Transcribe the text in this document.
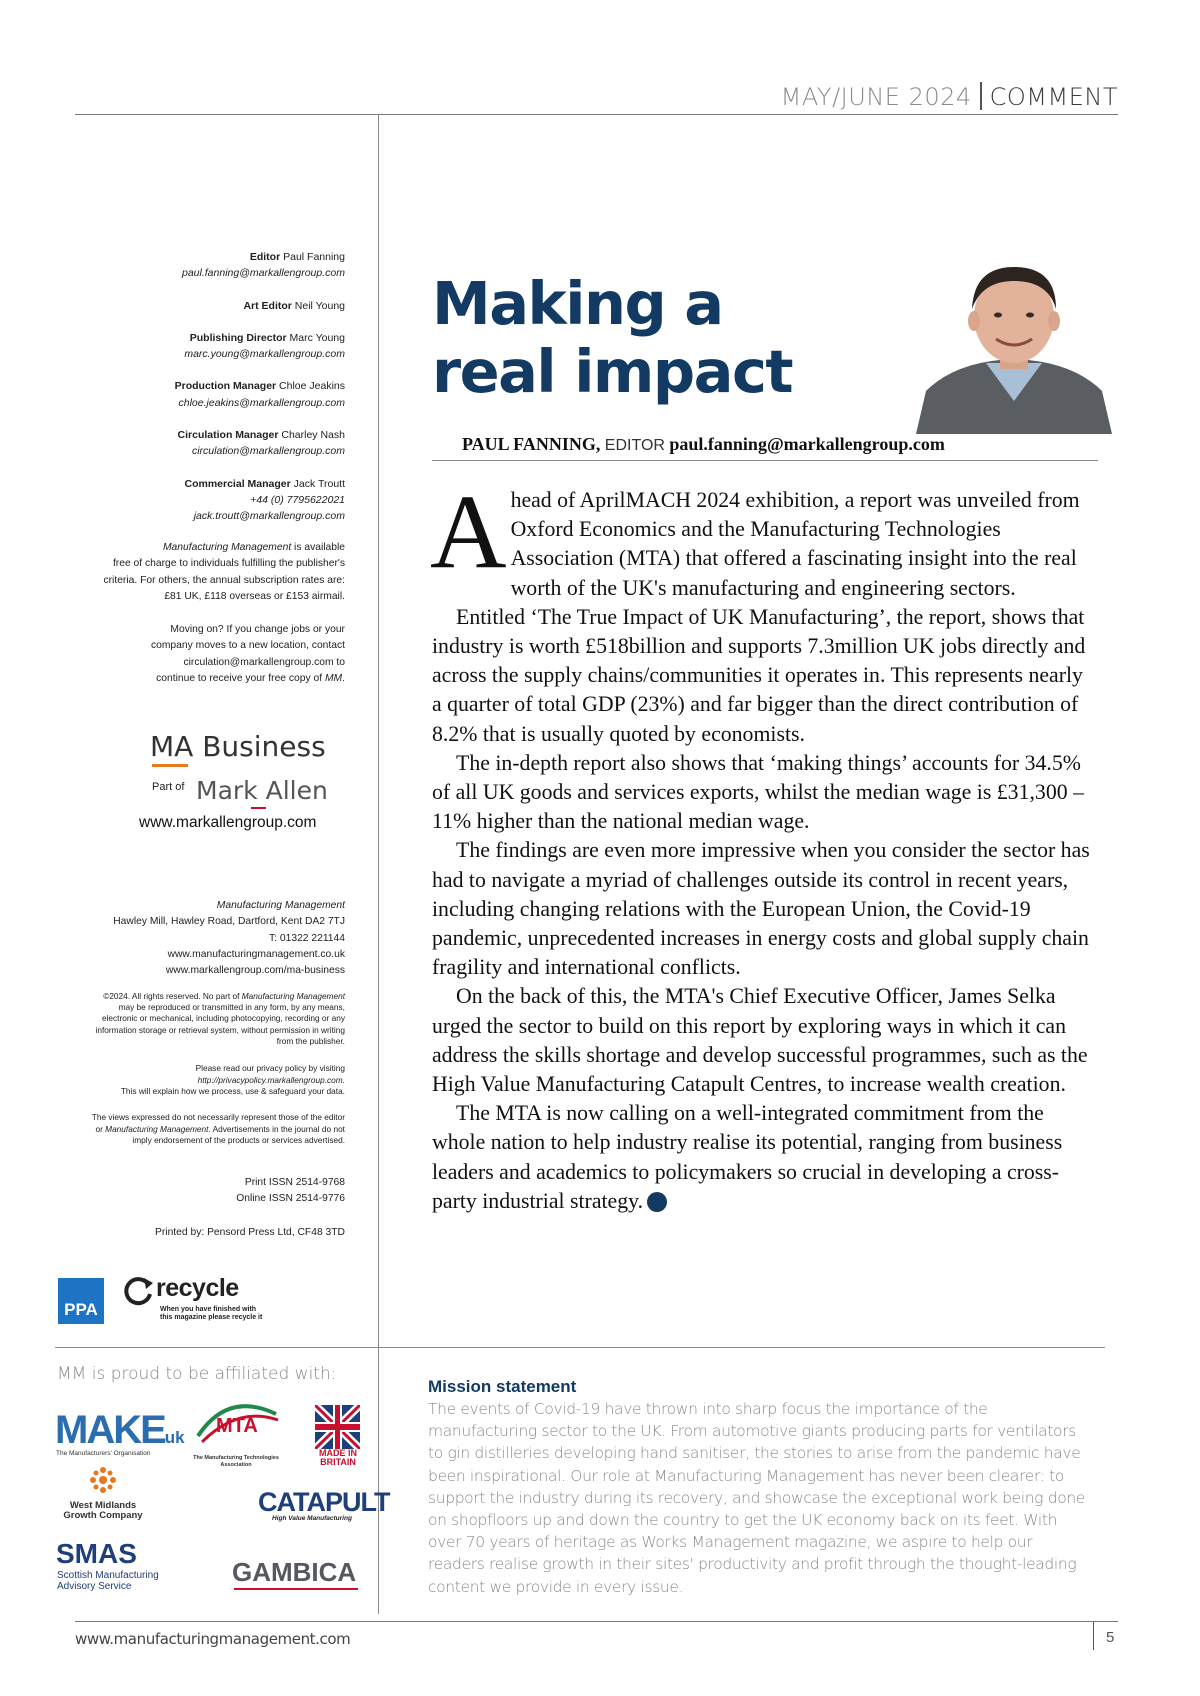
MAY/JUNE 2024 COMMENT
Editor Paul Fanning
paul.fanning@markallengroup.com
Art Editor Neil Young
Publishing Director Marc Young
marc.young@markallengroup.com
Production Manager Chloe Jeakins
chloe.jeakins@markallengroup.com
Circulation Manager Charley Nash
circulation@markallengroup.com
Commercial Manager Jack Troutt
+44 (0) 7795622021
jack.troutt@markallengroup.com
Manufacturing Management is available
free of charge to individuals fulfilling the publisher's
criteria. For others, the annual subscription rates are:
£81 UK, £118 overseas or £153 airmail.
Moving on? If you change jobs or your
company moves to a new location, contact
circulation@markallengroup.com to
continue to receive your free copy of MM.
MA Business
Part of Mark Allen
www.markallengroup.com
Manufacturing Management
Hawley Mill, Hawley Road, Dartford, Kent DA2 7TJ
T: 01322 221144
www.manufacturingmanagement.co.uk
www.markallengroup.com/ma-business
©2024. All rights reserved. No part of Manufacturing Management
may be reproduced or transmitted in any form, by any means,
electronic or mechanical, including photocopying, recording or any
information storage or retrieval system, without permission in writing
from the publisher.
Please read our privacy policy by visiting
http://privacypolicy.markallengroup.com.
This will explain how we process, use & safeguard your data.
The views expressed do not necessarily represent those of the editor
or Manufacturing Management. Advertisements in the journal do not
imply endorsement of the products or services advertised.
Print ISSN 2514-9768
Online ISSN 2514-9776
Printed by: Pensord Press Ltd, CF48 3TD
PPA
recycle
When you have finished with
this magazine please recycle it
MM is proud to be affiliated with:
MAKEuk
The Manufacturers' Organisation
MTA
The Manufacturing Technologies Association
MADE IN
BRITAIN
West Midlands
Growth Company	CATAPULT
High Value Manufacturing
SMAS
Scottish Manufacturing
Advisory Service	GAMBICA
Making a
real impact
PAUL FANNING, EDITOR paul.fanning@markallengroup.com

Ahead of AprilMACH 2024 exhibition, a report was unveiled from Oxford Economics and the Manufacturing Technologies Association (MTA) that offered a fascinating insight into the real worth of the UK's manufacturing and engineering sectors.

Entitled ‘The True Impact of UK Manufacturing’, the report, shows that industry is worth £518billion and supports 7.3million UK jobs directly and across the supply chains/communities it operates in. This represents nearly a quarter of total GDP (23%) and far bigger than the direct contribution of 8.2% that is usually quoted by economists.

The in-depth report also shows that ‘making things’ accounts for 34.5% of all UK goods and services exports, whilst the median wage is £31,300 – 11% higher than the national median wage.

The findings are even more impressive when you consider the sector has had to navigate a myriad of challenges outside its control in recent years, including changing relations with the European Union, the Covid-19 pandemic, unprecedented increases in energy costs and global supply chain fragility and international conflicts.

On the back of this, the MTA's Chief Executive Officer, James Selka urged the sector to build on this report by exploring ways in which it can address the skills shortage and develop successful programmes, such as the High Value Manufacturing Catapult Centres, to increase wealth creation.

The MTA is now calling on a well-integrated commitment from the whole nation to help industry realise its potential, ranging from business leaders and academics to policymakers so crucial in developing a cross-party industrial strategy. M

Mission statement
The events of Covid-19 have thrown into sharp focus the importance of the manufacturing sector to the UK. From automotive giants producing parts for ventilators to gin distilleries developing hand sanitiser, the stories to arise from the pandemic have been inspirational. Our role at Manufacturing Management has never been clearer: to support the industry during its recovery, and showcase the exceptional work being done on shopfloors up and down the country to get the UK economy back on its feet. With over 70 years of heritage as Works Management magazine, we aspire to help our readers realise growth in their sites' productivity and profit through the thought-leading content we provide in every issue.
www.manufacturingmanagement.com	5
